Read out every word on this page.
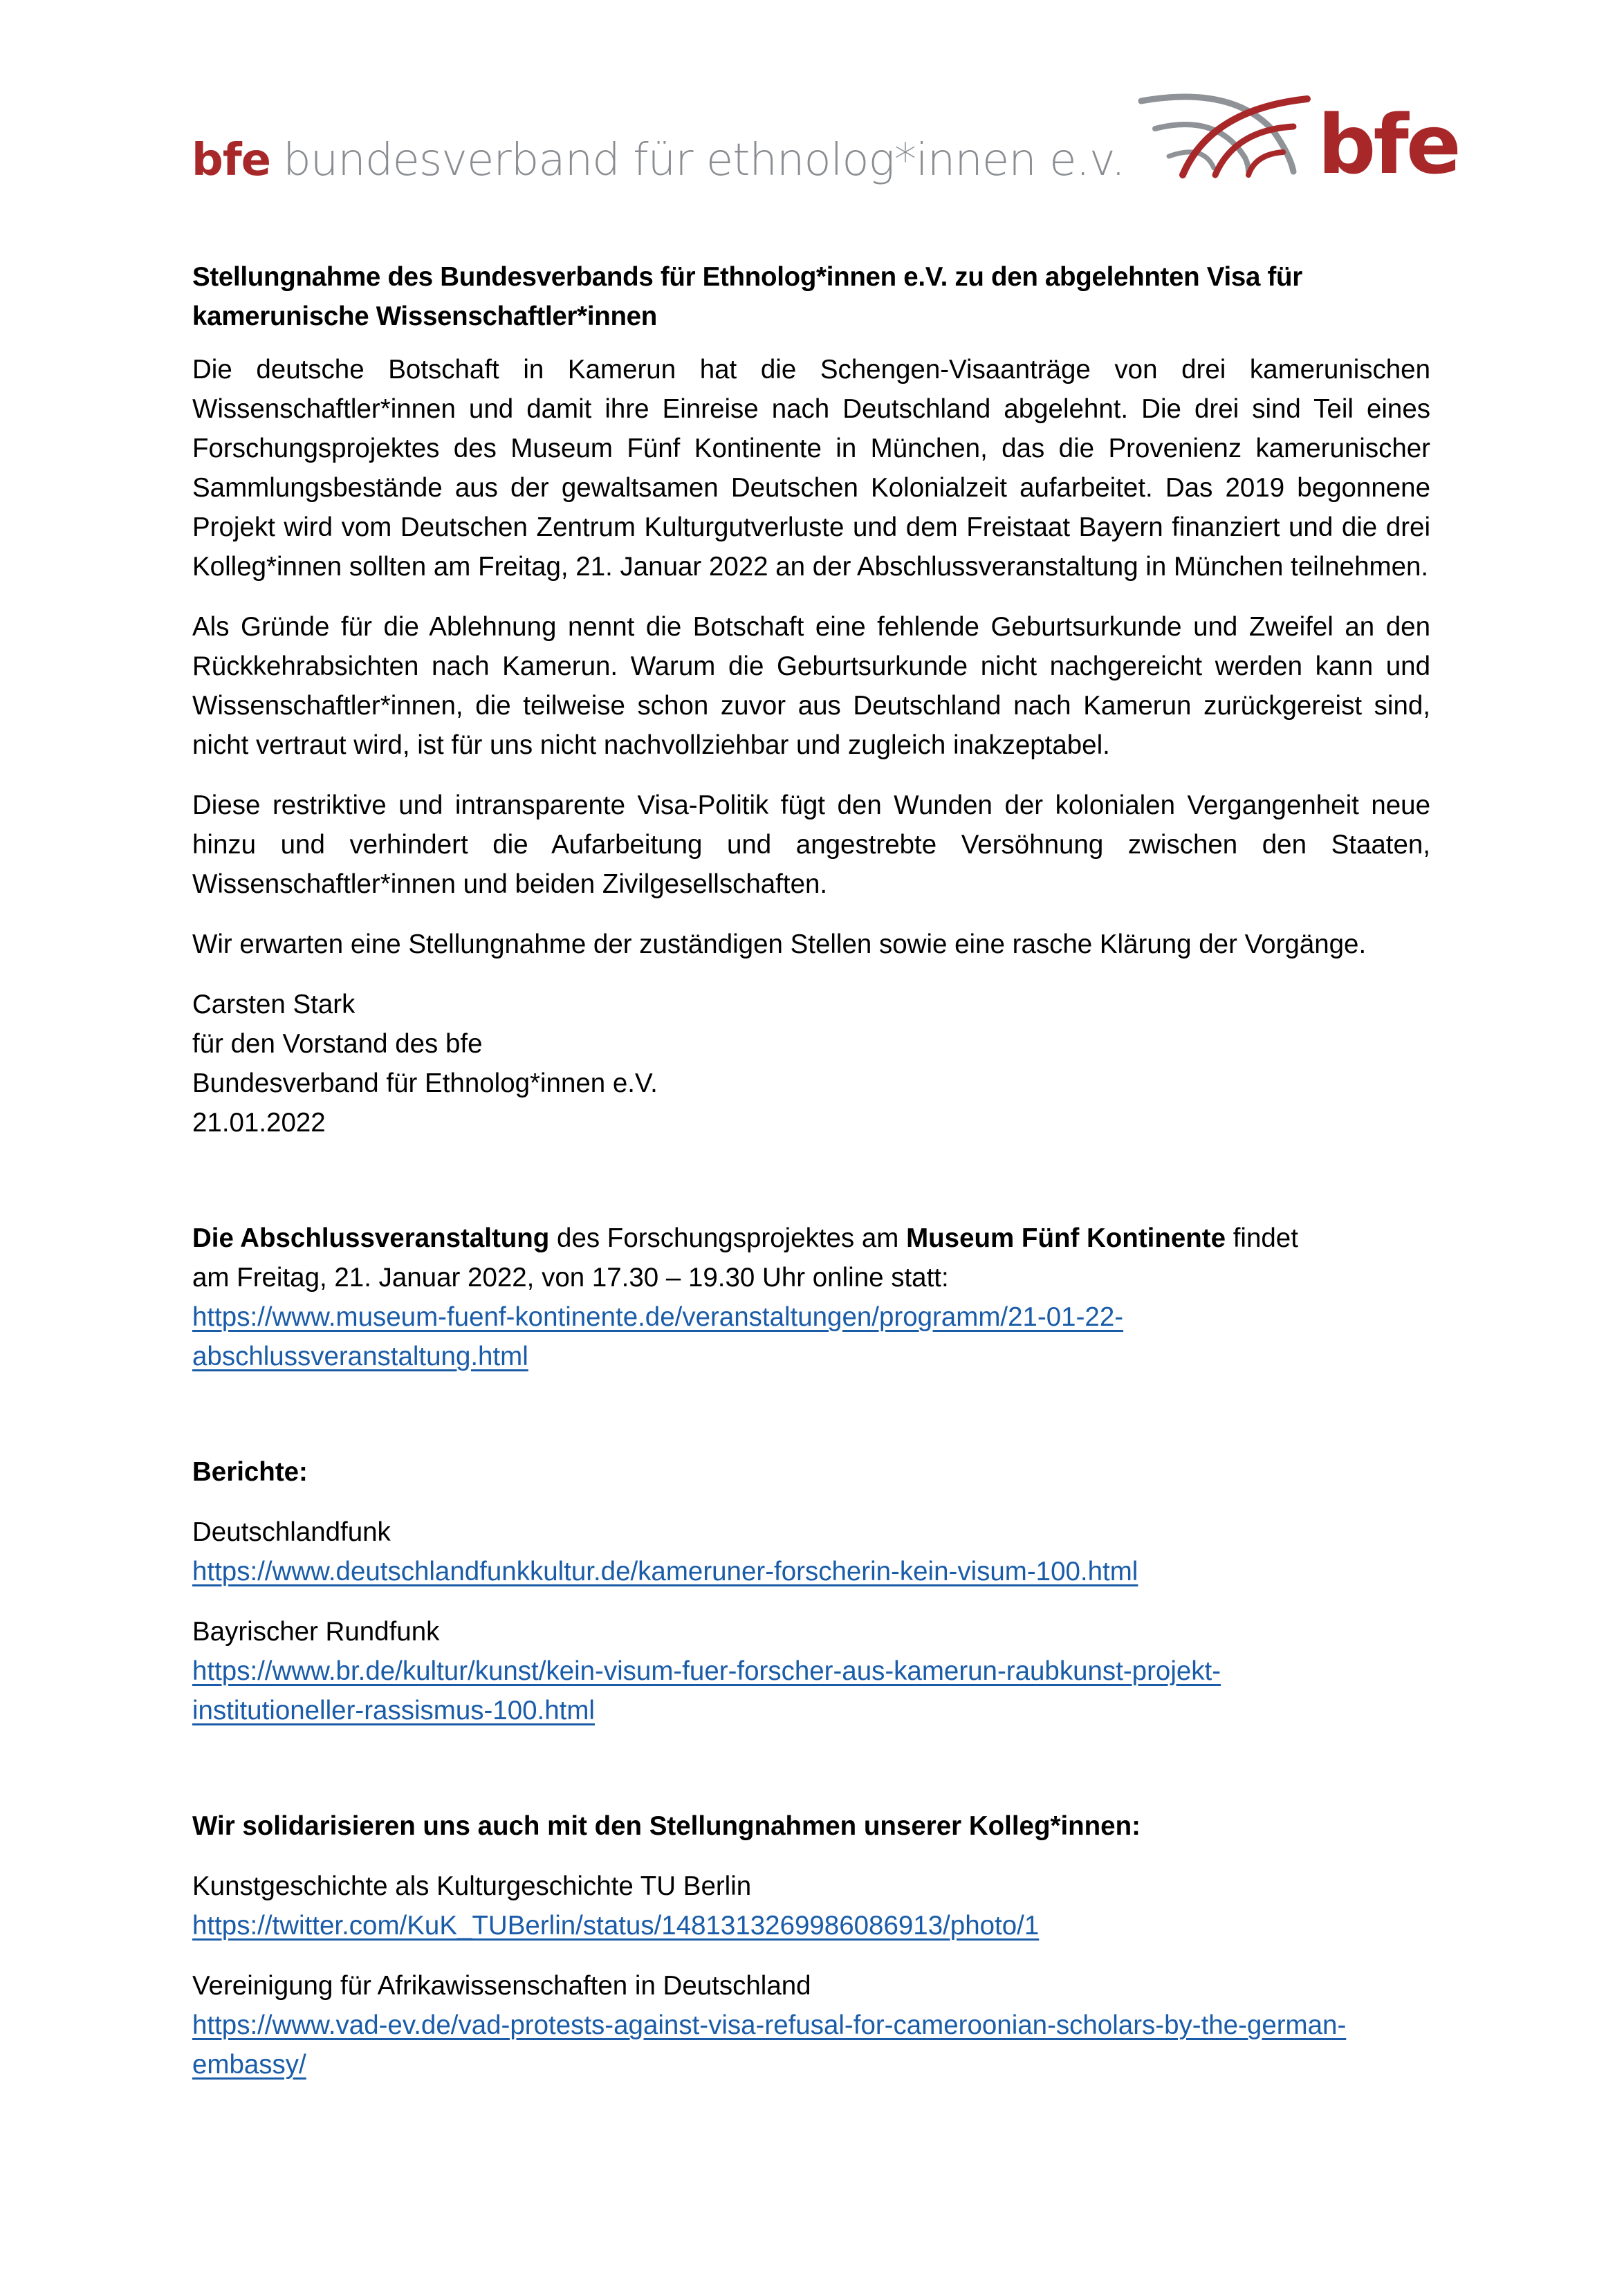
bfe bundesverband für ethnolog*innen e.v. bfe

Stellungnahme des Bundesverbands für Ethnolog*innen e.V. zu den abgelehnten Visa für kamerunische Wissenschaftler*innen

Die deutsche Botschaft in Kamerun hat die Schengen-Visaanträge von drei kamerunischen Wissenschaftler*innen und damit ihre Einreise nach Deutschland abgelehnt. Die drei sind Teil eines Forschungsprojektes des Museum Fünf Kontinente in München, das die Provenienz kamerunischer Sammlungsbestände aus der gewaltsamen Deutschen Kolonialzeit aufarbeitet. Das 2019 begonnene Projekt wird vom Deutschen Zentrum Kulturgutverluste und dem Freistaat Bayern finanziert und die drei Kolleg*innen sollten am Freitag, 21. Januar 2022 an der Abschlussveranstaltung in München teilnehmen.

Als Gründe für die Ablehnung nennt die Botschaft eine fehlende Geburtsurkunde und Zweifel an den Rückkehrabsichten nach Kamerun. Warum die Geburtsurkunde nicht nachgereicht werden kann und Wissenschaftler*innen, die teilweise schon zuvor aus Deutschland nach Kamerun zurückgereist sind, nicht vertraut wird, ist für uns nicht nachvollziehbar und zugleich inakzeptabel.

Diese restriktive und intransparente Visa-Politik fügt den Wunden der kolonialen Vergangenheit neue hinzu und verhindert die Aufarbeitung und angestrebte Versöhnung zwischen den Staaten, Wissenschaftler*innen und beiden Zivilgesellschaften.

Wir erwarten eine Stellungnahme der zuständigen Stellen sowie eine rasche Klärung der Vorgänge.

Carsten Stark
für den Vorstand des bfe
Bundesverband für Ethnolog*innen e.V.
21.01.2022
Die Abschlussveranstaltung des Forschungsprojektes am Museum Fünf Kontinente findet am Freitag, 21. Januar 2022, von 17.30 – 19.30 Uhr online statt:
https://www.museum-fuenf-kontinente.de/veranstaltungen/programm/21-01-22-abschlussveranstaltung.html
Berichte:
Deutschlandfunk
https://www.deutschlandfunkkultur.de/kameruner-forscherin-kein-visum-100.html
Bayrischer Rundfunk
https://www.br.de/kultur/kunst/kein-visum-fuer-forscher-aus-kamerun-raubkunst-projekt-institutioneller-rassismus-100.html
Wir solidarisieren uns auch mit den Stellungnahmen unserer Kolleg*innen:
Kunstgeschichte als Kulturgeschichte TU Berlin
https://twitter.com/KuK_TUBerlin/status/1481313269986086913/photo/1
Vereinigung für Afrikawissenschaften in Deutschland
https://www.vad-ev.de/vad-protests-against-visa-refusal-for-cameroonian-scholars-by-the-german-embassy/
